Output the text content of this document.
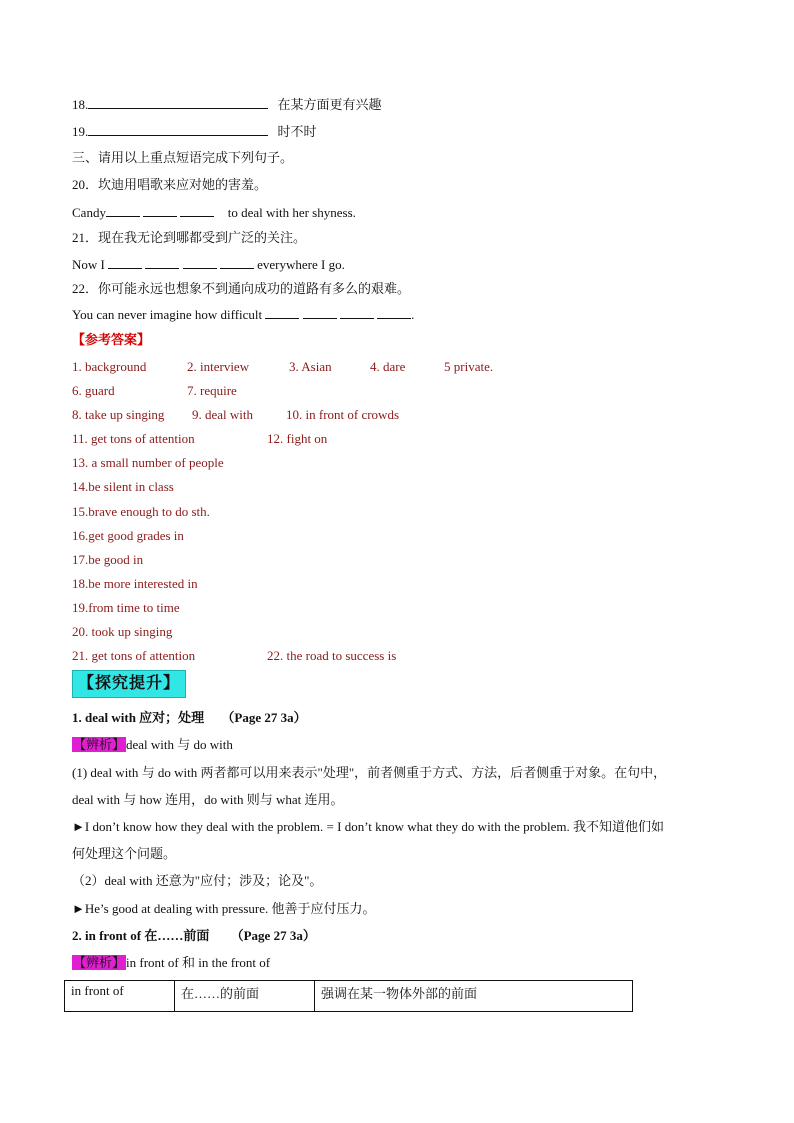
18.	在某方面更有兴趣
19.	时不时
三、请用以上重点短语完成下列句子。
20．坎迪用唱歌来应对她的害羞。
Candy	to deal with her shyness.
21．现在我无论到哪都受到广泛的关注。
Now I	everywhere I go.
22．你可能永远也想象不到通向成功的道路有多么的艰难。
You can never imagine how difficult	.
【参考答案】
1. background	2. interview	3. Asian	4. dare	5 private.
6. guard	7. require
8. take up singing 9. deal with	10. in front of crowds
11. get tons of attention	12. fight on
13. a small number of people
14.be silent in class
15.brave enough to do sth.
16.get good grades in
17.be good in
18.be more interested in
19.from time to time
20. took up singing
21. get tons of attention	22. the road to success is
【探究提升】
1. deal with 应对；处理 （Page 27 3a）
【辨析】deal with 与 do with
(1) deal with 与 do with 两者都可以用来表示"处理"，前者侧重于方式、方法，后者侧重于对象。在句中，
deal with 与 how 连用，do with 则与 what 连用。
►I don’t know how they deal with the problem. = I don’t know what they do with the problem. 我不知道他们如
何处理这个问题。
（2）deal with 还意为"应付；涉及；论及"。
►He’s good at dealing with pressure. 他善于应付压力。
2. in front of 在……前面 （Page 27 3a）
【辨析】in front of 和 in the front of
in front of	在……的前面	强调在某一物体外部的前面
